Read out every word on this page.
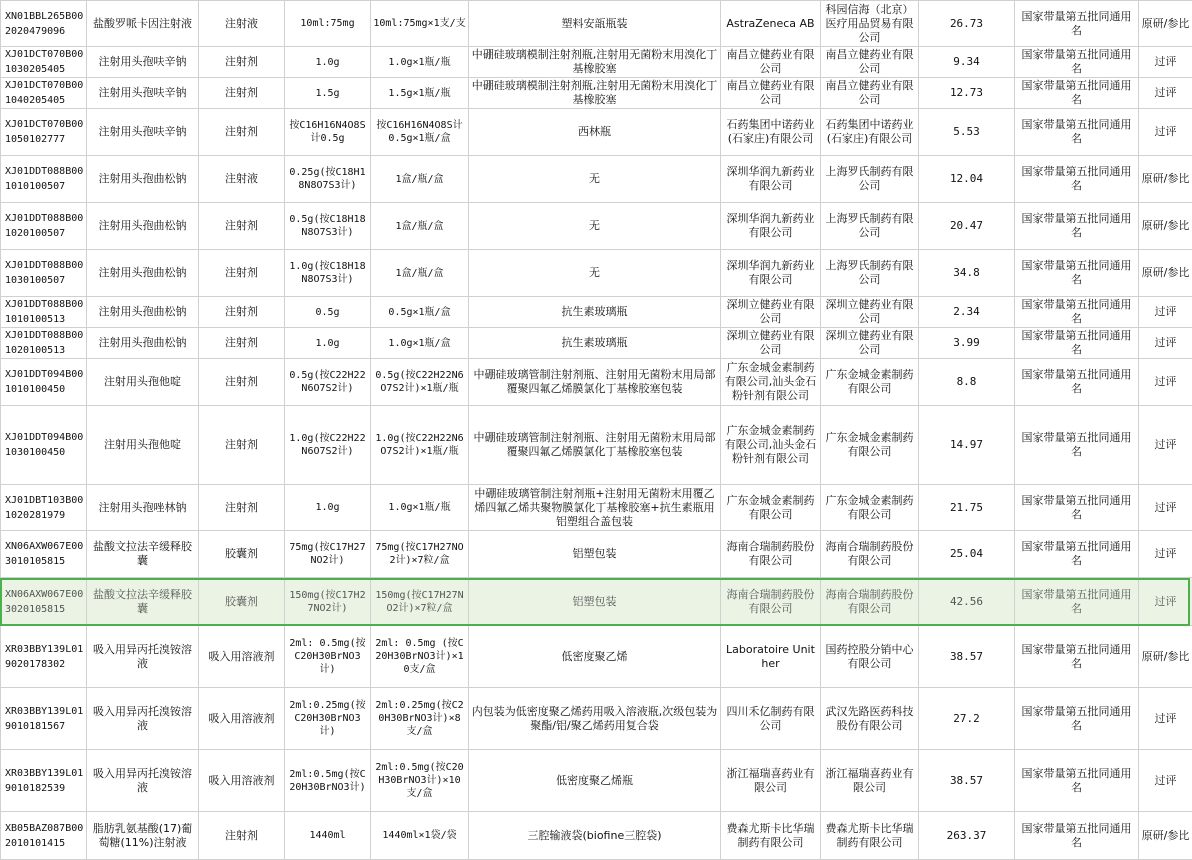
XN01BBL265B002020479096	盐酸罗哌卡因注射液	注射液	10ml:75mg	10ml:75mg×1支/支	塑料安瓿瓶装	AstraZeneca AB	科园信海（北京）医疗用品贸易有限公司	26.73	国家带量第五批同通用名	原研/参比
XJ01DCT070B001030205405	注射用头孢呋辛钠	注射剂	1.0g	1.0g×1瓶/瓶	中硼硅玻璃模制注射剂瓶,注射用无菌粉末用溴化丁基橡胶塞	南昌立健药业有限公司	南昌立健药业有限公司	9.34	国家带量第五批同通用名	过评
XJ01DCT070B001040205405	注射用头孢呋辛钠	注射剂	1.5g	1.5g×1瓶/瓶	中硼硅玻璃模制注射剂瓶,注射用无菌粉末用溴化丁基橡胶塞	南昌立健药业有限公司	南昌立健药业有限公司	12.73	国家带量第五批同通用名	过评
XJ01DCT070B001050102777	注射用头孢呋辛钠	注射剂	按C16H16N4O8S计0.5g	按C16H16N4O8S计0.5g×1瓶/盒	西林瓶	石药集团中诺药业(石家庄)有限公司	石药集团中诺药业(石家庄)有限公司	5.53	国家带量第五批同通用名	过评
XJ01DDT088B001010100507	注射用头孢曲松钠	注射液	0.25g(按C18H18N8O7S3计)	1盒/瓶/盒	无	深圳华润九新药业有限公司	上海罗氏制药有限公司	12.04	国家带量第五批同通用名	原研/参比
XJ01DDT088B001020100507	注射用头孢曲松钠	注射剂	0.5g(按C18H18N8O7S3计)	1盒/瓶/盒	无	深圳华润九新药业有限公司	上海罗氏制药有限公司	20.47	国家带量第五批同通用名	原研/参比
XJ01DDT088B001030100507	注射用头孢曲松钠	注射剂	1.0g(按C18H18N8O7S3计)	1盒/瓶/盒	无	深圳华润九新药业有限公司	上海罗氏制药有限公司	34.8	国家带量第五批同通用名	原研/参比
XJ01DDT088B001010100513	注射用头孢曲松钠	注射剂	0.5g	0.5g×1瓶/盒	抗生素玻璃瓶	深圳立健药业有限公司	深圳立健药业有限公司	2.34	国家带量第五批同通用名	过评
XJ01DDT088B001020100513	注射用头孢曲松钠	注射剂	1.0g	1.0g×1瓶/盒	抗生素玻璃瓶	深圳立健药业有限公司	深圳立健药业有限公司	3.99	国家带量第五批同通用名	过评
XJ01DDT094B001010100450	注射用头孢他啶	注射剂	0.5g(按C22H22N6O7S2计)	0.5g(按C22H22N6O7S2计)×1瓶/瓶	中硼硅玻璃管制注射剂瓶、注射用无菌粉末用局部覆聚四氟乙烯膜氯化丁基橡胶塞包装	广东金城金素制药有限公司,汕头金石粉针剂有限公司	广东金城金素制药有限公司	8.8	国家带量第五批同通用名	过评
XJ01DDT094B001030100450	注射用头孢他啶	注射剂	1.0g(按C22H22N6O7S2计)	1.0g(按C22H22N6O7S2计)×1瓶/瓶	中硼硅玻璃管制注射剂瓶、注射用无菌粉末用局部覆聚四氟乙烯膜氯化丁基橡胶塞包装	广东金城金素制药有限公司,汕头金石粉针剂有限公司	广东金城金素制药有限公司	14.97	国家带量第五批同通用名	过评
XJ01DBT103B001020281979	注射用头孢唑林钠	注射剂	1.0g	1.0g×1瓶/瓶	中硼硅玻璃管制注射剂瓶+注射用无菌粉末用覆乙烯四氟乙烯共聚物膜氯化丁基橡胶塞+抗生素瓶用铝塑组合盖包装	广东金城金素制药有限公司	广东金城金素制药有限公司	21.75	国家带量第五批同通用名	过评
XN06AXW067E003010105815	盐酸文拉法辛缓释胶囊	胶囊剂	75mg(按C17H27NO2计)	75mg(按C17H27NO2计)×7粒/盒	铝塑包装	海南合瑞制药股份有限公司	海南合瑞制药股份有限公司	25.04	国家带量第五批同通用名	过评
XN06AXW067E003020105815	盐酸文拉法辛缓释胶囊	胶囊剂	150mg(按C17H27NO2计)	150mg(按C17H27NO2计)×7粒/盒	铝塑包装	海南合瑞制药股份有限公司	海南合瑞制药股份有限公司	42.56	国家带量第五批同通用名	过评
XR03BBY139L019020178302	吸入用异丙托溴铵溶液	吸入用溶液剂	2ml: 0.5mg(按C20H30BrNO3计)	2ml: 0.5mg (按C20H30BrNO3计)×10支/盒	低密度聚乙烯	Laboratoire Unither	国药控股分销中心有限公司	38.57	国家带量第五批同通用名	原研/参比
XR03BBY139L019010181567	吸入用异丙托溴铵溶液	吸入用溶液剂	2ml:0.25mg(按C20H30BrNO3计)	2ml:0.25mg(按C20H30BrNO3计)×8支/盒	内包装为低密度聚乙烯药用吸入溶液瓶,次级包装为聚酯/铝/聚乙烯药用复合袋	四川禾亿制药有限公司	武汉先路医药科技股份有限公司	27.2	国家带量第五批同通用名	过评
XR03BBY139L019010182539	吸入用异丙托溴铵溶液	吸入用溶液剂	2ml:0.5mg(按C20H30BrNO3计)	2ml:0.5mg(按C20H30BrNO3计)×10支/盒	低密度聚乙烯瓶	浙江福瑞喜药业有限公司	浙江福瑞喜药业有限公司	38.57	国家带量第五批同通用名	过评
XB05BAZ087B002010101415	脂肪乳氨基酸(17)葡萄糖(11%)注射液	注射剂	1440ml	1440ml×1袋/袋	三腔输液袋(biofine三腔袋)	费森尤斯卡比华瑞制药有限公司	费森尤斯卡比华瑞制药有限公司	263.37	国家带量第五批同通用名	原研/参比
